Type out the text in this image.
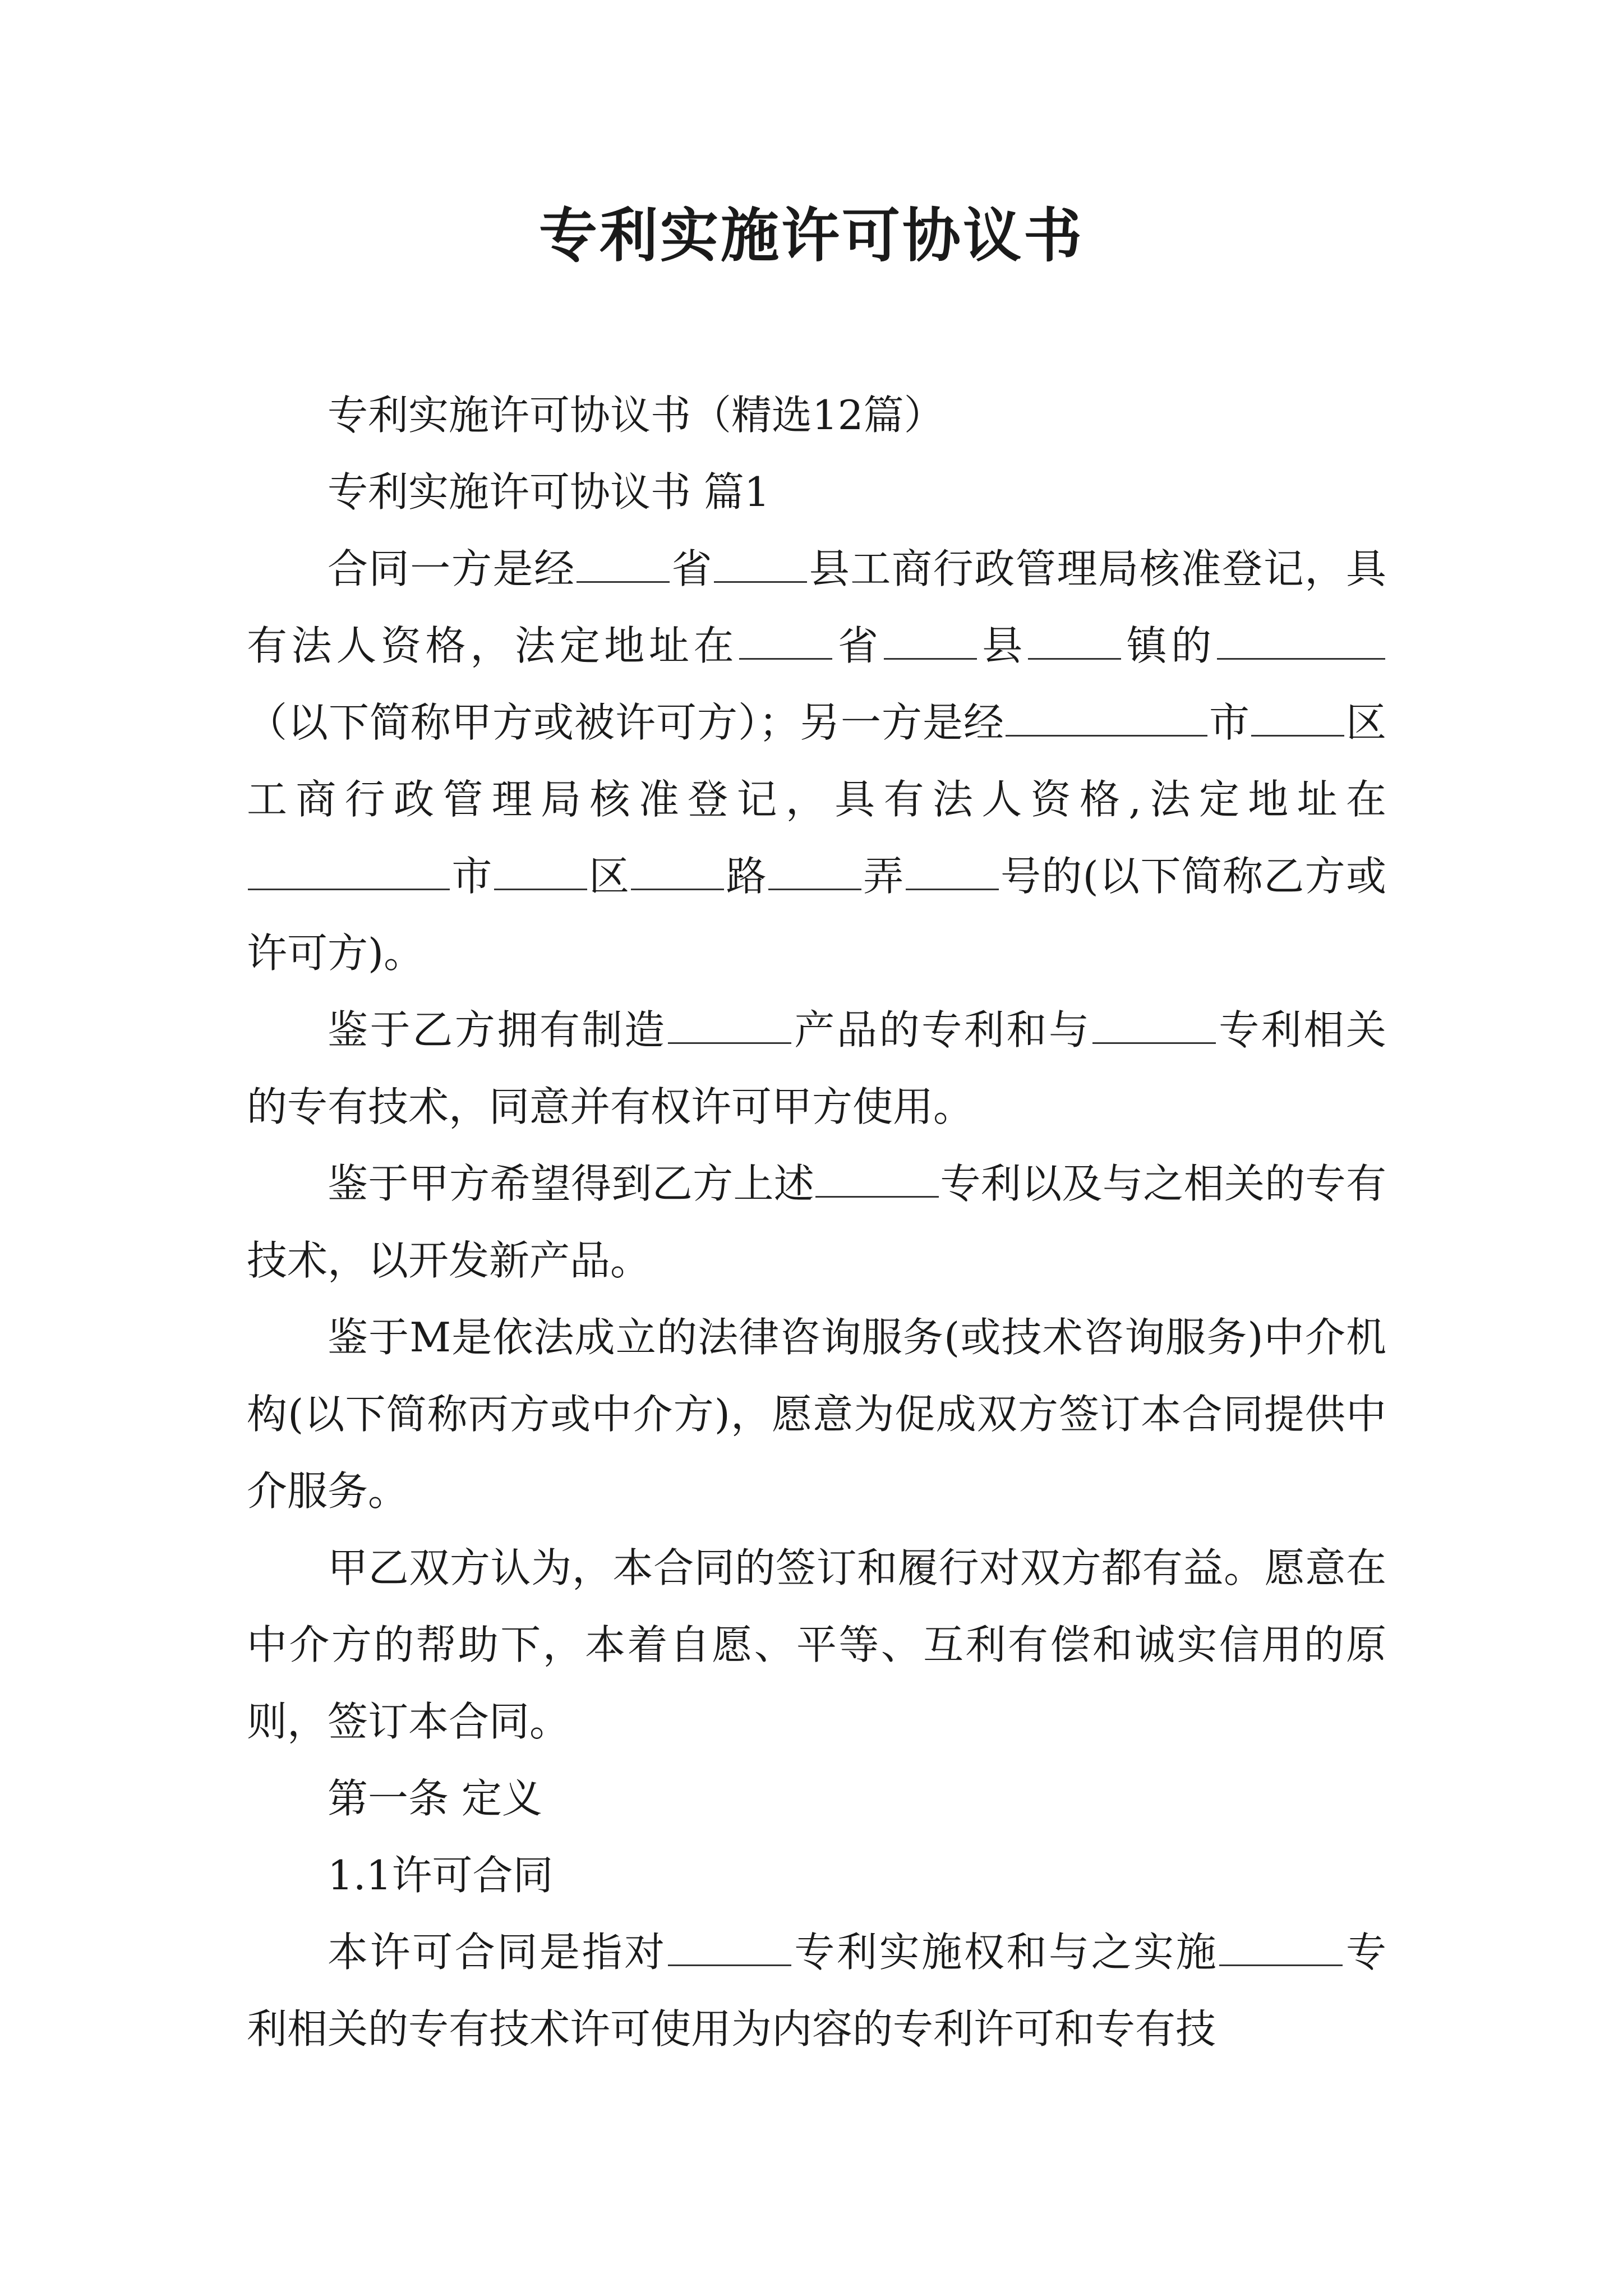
专利实施许可协议书

专利实施许可协议书（精选12篇）

专利实施许可协议书 篇1

合同一方是经 省 县工商行政管理局核准登记，具有法人资格，法定地址在 省 县 镇的（以下简称甲方或被许可方）；另一方是经	市 区工商行政管理局核准登记，具有法人资格,法定地址在市 区 路 弄 号的(以下简称乙方或许可方)。

鉴于乙方拥有制造	产品的专利和与	专利相关的专有技术，同意并有权许可甲方使用。

鉴于甲方希望得到乙方上述	专利以及与之相关的专有技术，以开发新产品。

鉴于M是依法成立的法律咨询服务(或技术咨询服务)中介机构(以下简称丙方或中介方)，愿意为促成双方签订本合同提供中介服务。

甲乙双方认为，本合同的签订和履行对双方都有益。愿意在中介方的帮助下，本着自愿、平等、互利有偿和诚实信用的原则，签订本合同。

第一条 定义

1.1许可合同

本许可合同是指对	专利实施权和与之实施	专利相关的专有技术许可使用为内容的专利许可和专有技
